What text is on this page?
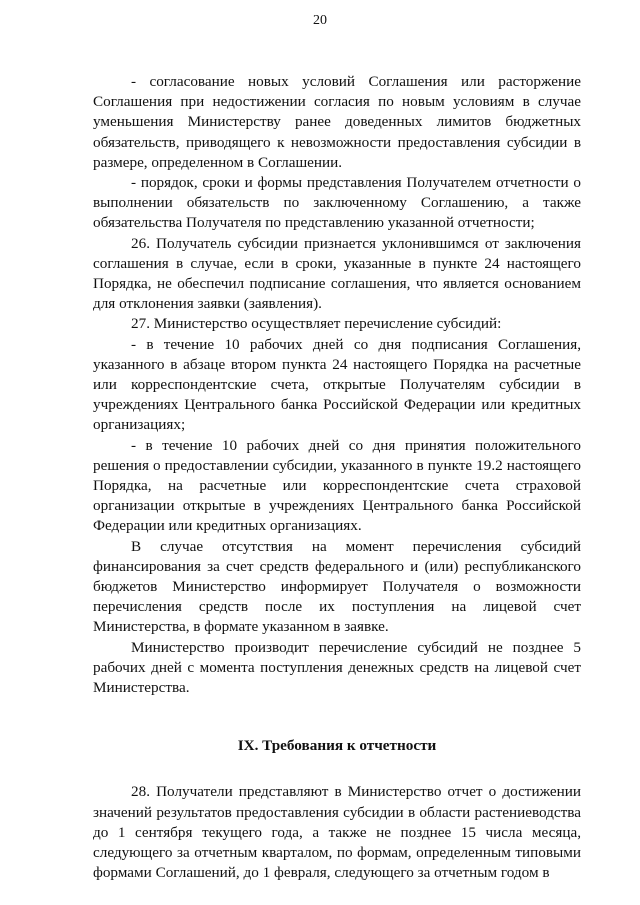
20

- согласование новых условий Соглашения или расторжение Соглашения при недостижении согласия по новым условиям в случае уменьшения Министерству ранее доведенных лимитов бюджетных обязательств, приводящего к невозможности предоставления субсидии в размере, определенном в Соглашении.

- порядок, сроки и формы представления Получателем отчетности о выполнении обязательств по заключенному Соглашению, а также обязательства Получателя по представлению указанной отчетности;

26. Получатель субсидии признается уклонившимся от заключения соглашения в случае, если в сроки, указанные в пункте 24 настоящего Порядка, не обеспечил подписание соглашения, что является основанием для отклонения заявки (заявления).

27. Министерство осуществляет перечисление субсидий:

- в течение 10 рабочих дней со дня подписания Соглашения, указанного в абзаце втором пункта 24 настоящего Порядка на расчетные или корреспондентские счета, открытые Получателям субсидии в учреждениях Центрального банка Российской Федерации или кредитных организациях;

- в течение 10 рабочих дней со дня принятия положительного решения о предоставлении субсидии, указанного в пункте 19.2 настоящего Порядка, на расчетные или корреспондентские счета страховой организации открытые в учреждениях Центрального банка Российской Федерации или кредитных организациях.

В случае отсутствия на момент перечисления субсидий финансирования за счет средств федерального и (или) республиканского бюджетов Министерство информирует Получателя о возможности перечисления средств после их поступления на лицевой счет Министерства, в формате указанном в заявке.

Министерство производит перечисление субсидий не позднее 5 рабочих дней с момента поступления денежных средств на лицевой счет Министерства.

IX. Требования к отчетности

28. Получатели представляют в Министерство отчет о достижении значений результатов предоставления субсидии в области растениеводства до 1 сентября текущего года, а также не позднее 15 числа месяца, следующего за отчетным кварталом, по формам, определенным типовыми формами Соглашений, до 1 февраля, следующего за отчетным годом в
